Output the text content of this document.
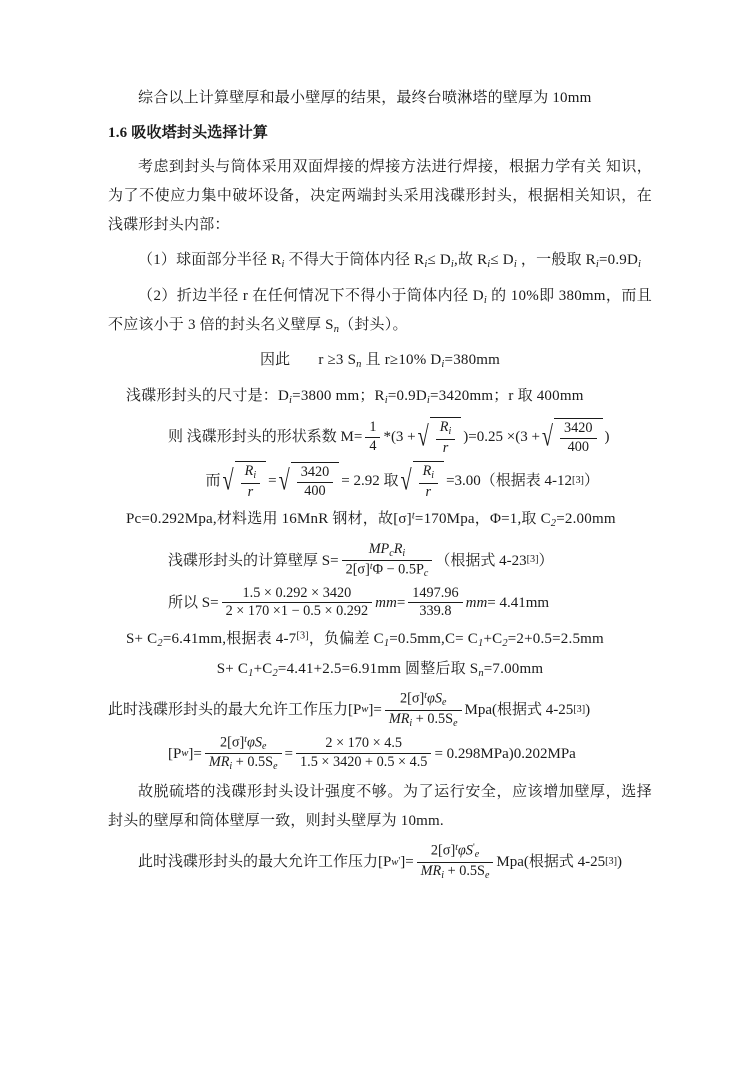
综合以上计算壁厚和最小壁厚的结果，最终台喷淋塔的壁厚为 10mm

1.6 吸收塔封头选择计算

考虑到封头与筒体采用双面焊接的焊接方法进行焊接，根据力学有关 知识，为了不使应力集中破坏设备，决定两端封头采用浅碟形封头，根据相关知识，在浅碟形封头内部：

（1）球面部分半径 $R_i$ 不得大于筒体内径 $R_i\le D_i$,故 $R_i\le D_i$ ，一般取 $R_i=0.9D_i$

（2）折边半径 r 在任何情况下不得小于筒体内径 $D_i$ 的 10%即 380mm，而且不应该小于 3 倍的封头名义壁厚 $S_n$（封头）。

因此 r ≥3 $S_n$ 且 r≥10% $D_i=380mm$

浅碟形封头的尺寸是：$D_i=3800$ mm；$R_i=0.9D_i=3420mm$；r 取 400mm

则 浅碟形封头的形状系数 $M= \frac{1}{4} *(3$ + √ $\frac{R_i}{r} )=0.25 \times(3$ + √ $\frac{3420}{400}$ )
而 √ $\frac{R_i}{r}$ = √ $\frac{3420}{400} = 2.92$ 取 √ $\frac{R_i}{r} =3.00$（根据表 4-12 [3] ）

Pc=0.292Mpa,材料选用 16MnR 钢材，故$[\sigma]^t=170Mpa$，Φ=1,取 $C_2=2.00mm$

浅碟形封头的计算壁厚 $S= \frac{MP_cR_i}{2[\sigma]^t\Phi - 0.5P_c}$ （根据式 4-23 [3] ）
所以 $S= \frac{1.5 \times 0.292 \times 3420}{2 \times 170 \times 1 - 0.5 \times 0.292}$ mm = $\frac{1497.96}{339.8}$ mm = 4.41mm

$S+ C_2=6.41mm$,根据表 4-7[3]，负偏差 $C_1=0.5mm,C= C_1+C_2=2+0.5=2.5mm$

$S+ C_1+C_2=4.41+2.5=6.91mm$ 圆整后取 $S_n=7.00mm$

此时浅碟形封头的最大允许工作压力[P w ]= $\frac{2[\sigma]^t\varphi S_e}{MR_i + 0.5S_e} Mpa$(根据式 4-25 [3] )
[P w ]= $\frac{2[\sigma]^t\varphi S_e}{MR_i + 0.5S_e} = \frac{2 \times 170 \times 4.5}{1.5 \times 3420 + 0.5 \times 4.5} = 0.298MPa)0.202MPa$

故脱硫塔的浅碟形封头设计强度不够。为了运行安全，应该增加壁厚，选择封头的壁厚和筒体壁厚一致，则封头壁厚为 10mm.

此时浅碟形封头的最大允许工作压力[P w ' ]= $\frac{2[\sigma]^t\varphi S'_e}{MR_i + 0.5S_e} Mpa$(根据式 4-25 [3] )
